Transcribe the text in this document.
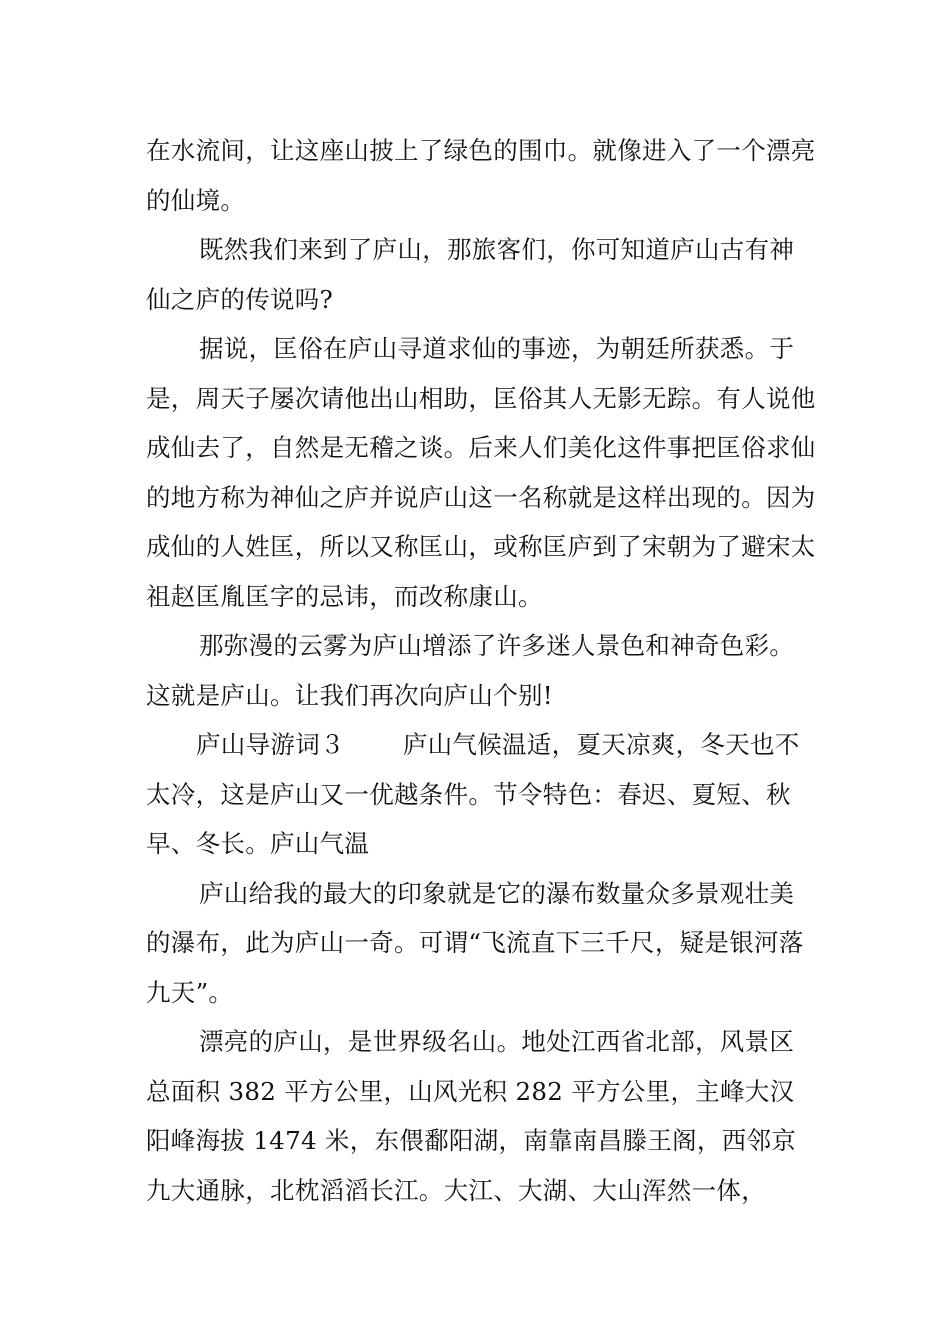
在水流间，让这座山披上了绿色的围巾。就像进入了一个漂亮的仙境。

既然我们来到了庐山，那旅客们，你可知道庐山古有神仙之庐的传说吗?

据说，匡俗在庐山寻道求仙的事迹，为朝廷所获悉。于是，周天子屡次请他出山相助，匡俗其人无影无踪。有人说他成仙去了，自然是无稽之谈。后来人们美化这件事把匡俗求仙的地方称为神仙之庐并说庐山这一名称就是这样出现的。因为成仙的人姓匡，所以又称匡山，或称匡庐到了宋朝为了避宋太祖赵匡胤匡字的忌讳，而改称康山。

那弥漫的云雾为庐山增添了许多迷人景色和神奇色彩。这就是庐山。让我们再次向庐山个别!

庐山导游词３ 庐山气候温适，夏天凉爽，冬天也不太冷，这是庐山又一优越条件。节令特色：春迟、夏短、秋早、冬长。庐山气温

庐山给我的最大的印象就是它的瀑布数量众多景观壮美的瀑布，此为庐山一奇。可谓“飞流直下三千尺，疑是银河落九天”。

漂亮的庐山，是世界级名山。地处江西省北部，风景区总面积 382 平方公里，山风光积 282 平方公里，主峰大汉阳峰海拔 1474 米，东偎鄱阳湖，南靠南昌滕王阁，西邻京九大通脉，北枕滔滔长江。大江、大湖、大山浑然一体，
